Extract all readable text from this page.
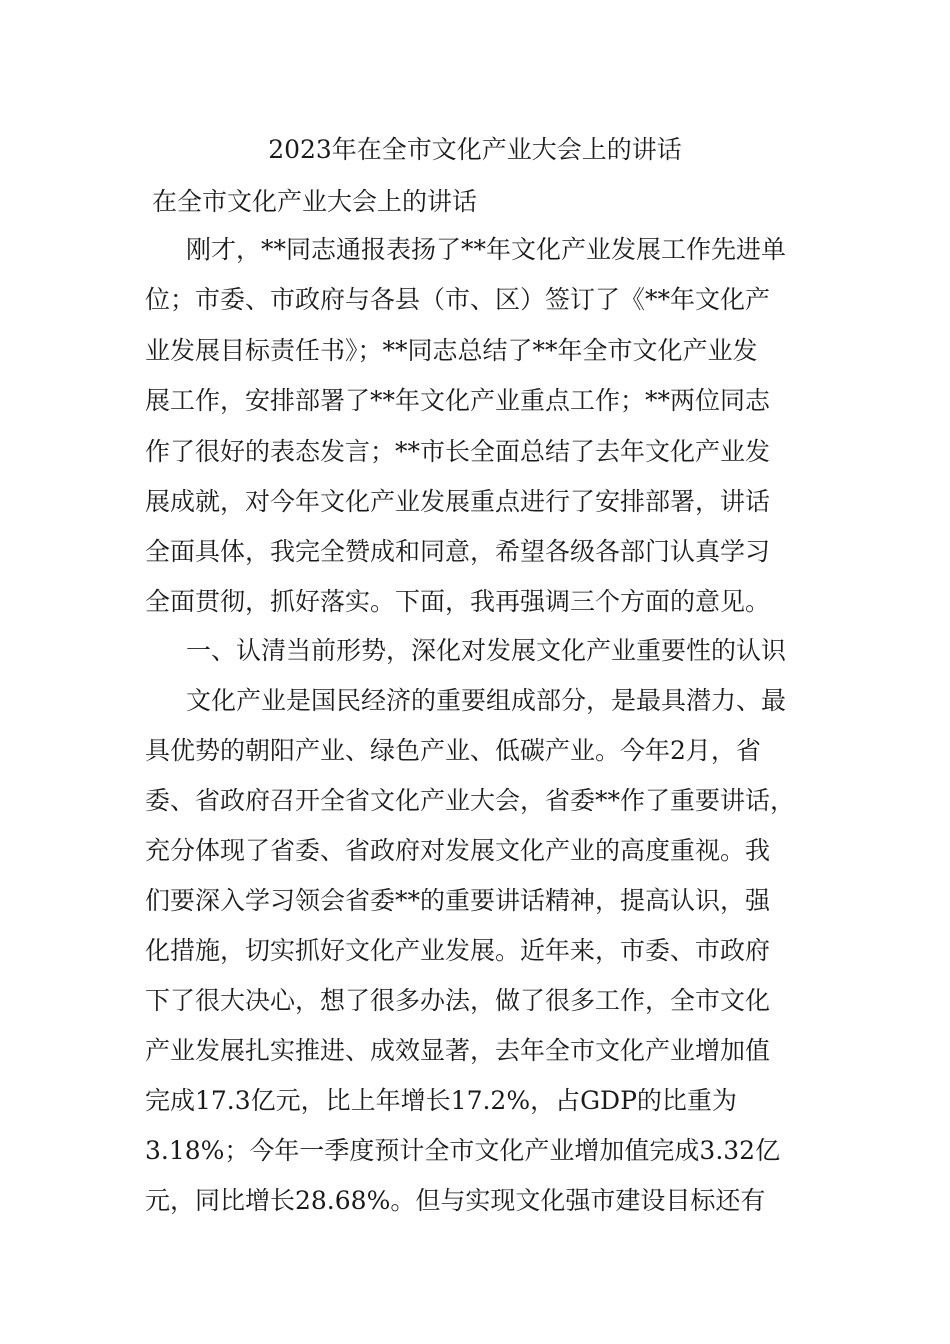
2023年在全市文化产业大会上的讲话
在全市文化产业大会上的讲话
刚才，**同志通报表扬了**年文化产业发展工作先进单
位；市委、市政府与各县（市、区）签订了《**年文化产
业发展目标责任书》；**同志总结了**年全市文化产业发
展工作，安排部署了**年文化产业重点工作；**两位同志
作了很好的表态发言；**市长全面总结了去年文化产业发
展成就，对今年文化产业发展重点进行了安排部署，讲话
全面具体，我完全赞成和同意，希望各级各部门认真学习
全面贯彻，抓好落实。下面，我再强调三个方面的意见。
一、认清当前形势，深化对发展文化产业重要性的认识
文化产业是国民经济的重要组成部分，是最具潜力、最
具优势的朝阳产业、绿色产业、低碳产业。今年2月，省
委、省政府召开全省文化产业大会，省委**作了重要讲话，
充分体现了省委、省政府对发展文化产业的高度重视。我
们要深入学习领会省委**的重要讲话精神，提高认识，强
化措施，切实抓好文化产业发展。近年来，市委、市政府
下了很大决心，想了很多办法，做了很多工作，全市文化
产业发展扎实推进、成效显著，去年全市文化产业增加值
完成17.3亿元，比上年增长17.2%，占GDP的比重为
3.18%；今年一季度预计全市文化产业增加值完成3.32亿
元，同比增长28.68%。但与实现文化强市建设目标还有
